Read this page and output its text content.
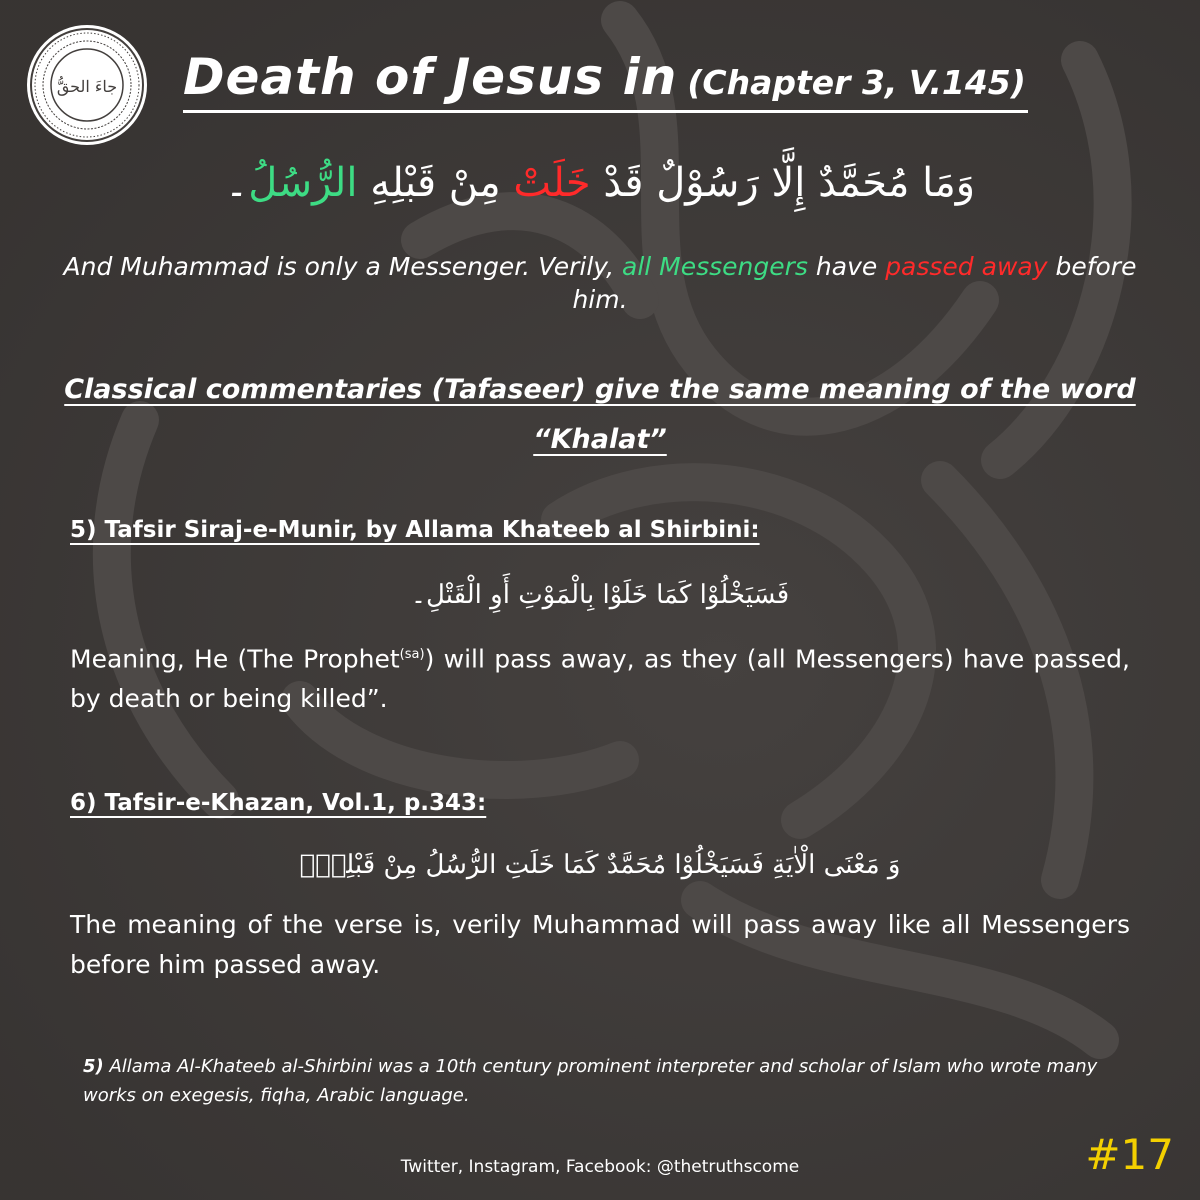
جاءَ الحقُّ Death of Jesus in (Chapter 3, V.145)
وَمَا مُحَمَّدٌ إِلَّا رَسُوْلٌ قَدْ خَلَتْ مِنْ قَبْلِهِ الرُّسُلُ۔
And Muhammad is only a Messenger. Verily, all Messengers have passed away before him.
Classical commentaries (Tafaseer) give the same meaning of the word “Khalat”
5) Tafsir Siraj-e-Munir, by Allama Khateeb al Shirbini:
فَسَيَخْلُوْا كَمَا خَلَوْا بِالْمَوْتِ أَوِ الْقَتْلِ۔
Meaning, He (The Prophet$^{(sa)}$) will pass away, as they (all Messengers) have passed, by death or being killed”.
6) Tafsir-e-Khazan, Vol.1, p.343:
وَ مَعْنَى الْاٰيَةِ فَسَيَخْلُوْا مُحَمَّدٌ كَمَا خَلَتِ الرُّسُلُ مِنْ قَبْلِهٖ۔
The meaning of the verse is, verily Muhammad will pass away like all Messengers before him passed away.
5) Allama Al-Khateeb al-Shirbini was a 10th century prominent interpreter and scholar of Islam who wrote many works on exegesis, fiqha, Arabic language.
Twitter, Instagram, Facebook: @thetruthscome	#17
